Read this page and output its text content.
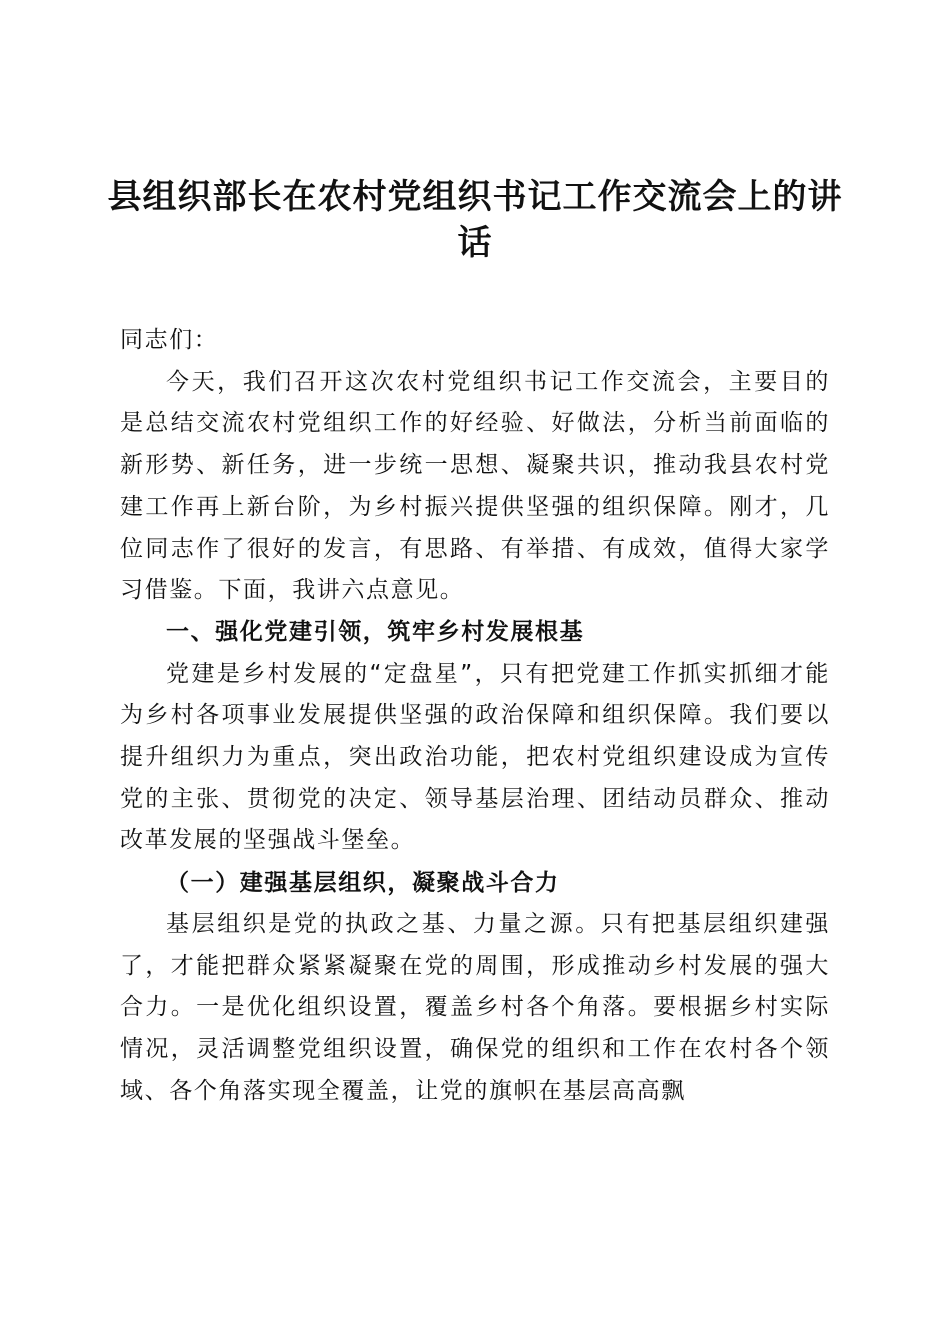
县组织部长在农村党组织书记工作交流会上的讲话

同志们：

今天，我们召开这次农村党组织书记工作交流会，主要目的是总结交流农村党组织工作的好经验、好做法，分析当前面临的新形势、新任务，进一步统一思想、凝聚共识，推动我县农村党建工作再上新台阶，为乡村振兴提供坚强的组织保障。刚才，几位同志作了很好的发言，有思路、有举措、有成效，值得大家学习借鉴。下面，我讲六点意见。

一、强化党建引领，筑牢乡村发展根基

党建是乡村发展的“定盘星”，只有把党建工作抓实抓细才能为乡村各项事业发展提供坚强的政治保障和组织保障。我们要以提升组织力为重点，突出政治功能，把农村党组织建设成为宣传党的主张、贯彻党的决定、领导基层治理、团结动员群众、推动改革发展的坚强战斗堡垒。

（一）建强基层组织，凝聚战斗合力

基层组织是党的执政之基、力量之源。只有把基层组织建强了，才能把群众紧紧凝聚在党的周围，形成推动乡村发展的强大合力。一是优化组织设置，覆盖乡村各个角落。要根据乡村实际情况，灵活调整党组织设置，确保党的组织和工作在农村各个领域、各个角落实现全覆盖，让党的旗帜在基层高高飘
